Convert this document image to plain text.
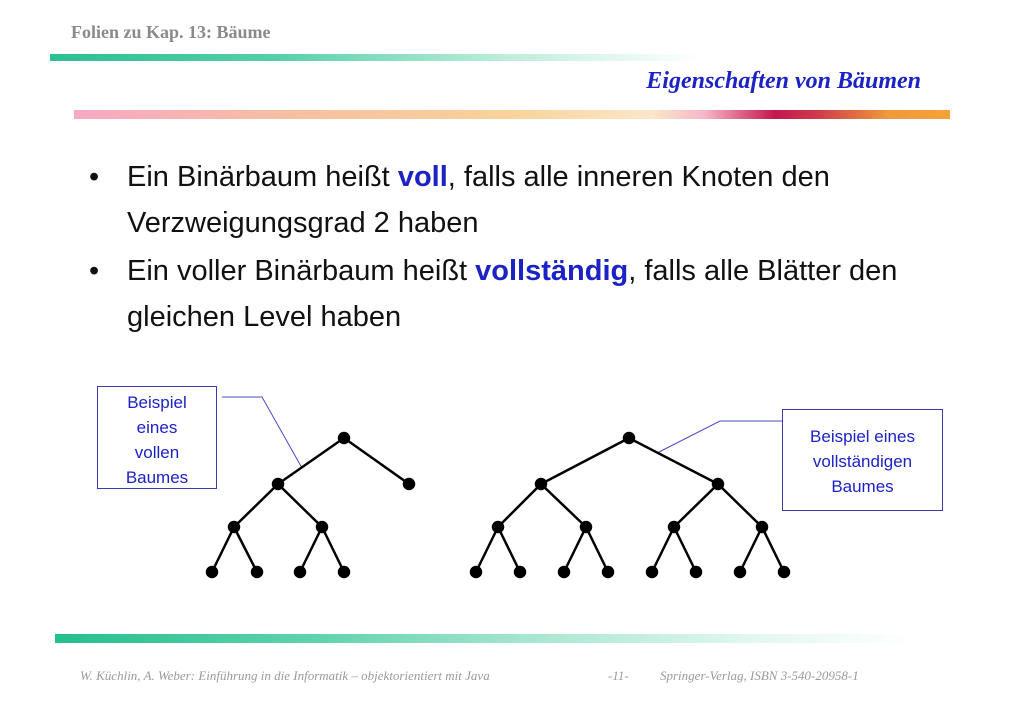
Folien zu Kap. 13: Bäume
Eigenschaften von Bäumen
• Ein Binärbaum heißt voll, falls alle inneren Knoten den Verzweigungsgrad 2 haben
• Ein voller Binärbaum heißt vollständig, falls alle Blätter den gleichen Level haben
Beispiel
eines
vollen
Baumes
Beispiel eines
vollständigen
Baumes
W. Küchlin, A. Weber: Einführung in die Informatik – objektorientiert mit Java	-11- Springer-Verlag, ISBN 3-540-20958-1
